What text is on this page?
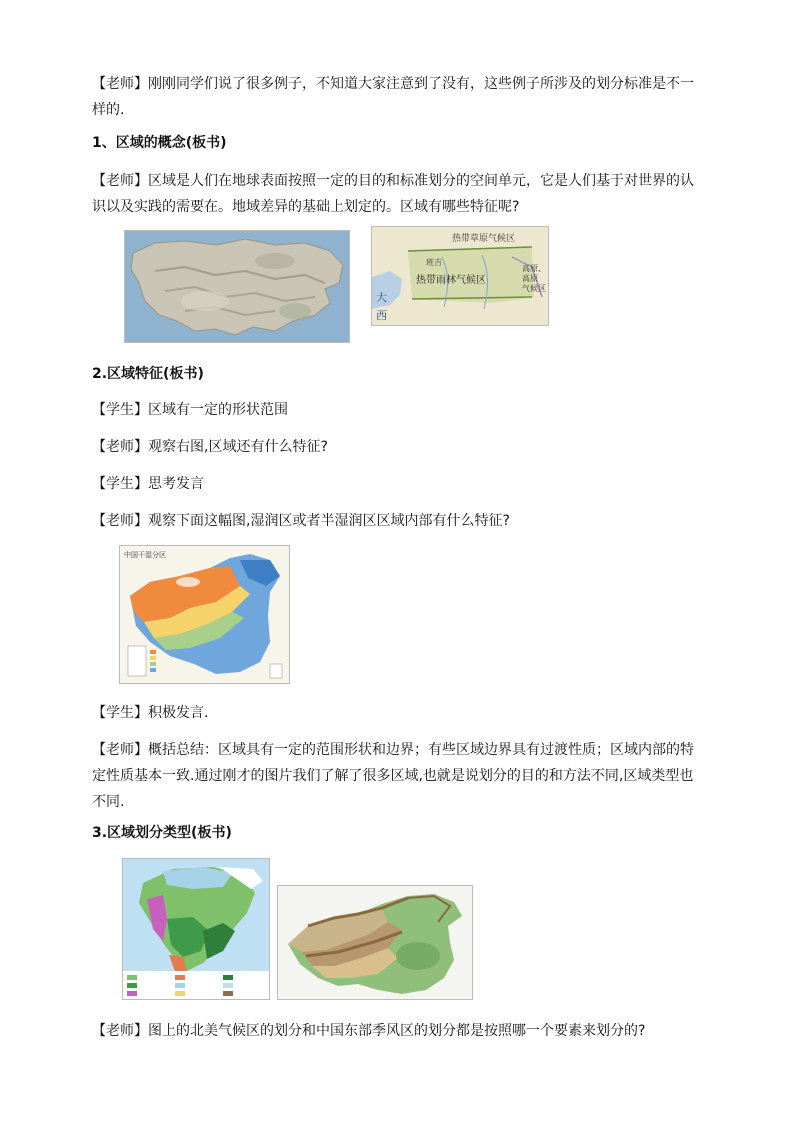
【老师】刚刚同学们说了很多例子，不知道大家注意到了没有，这些例子所涉及的划分标准是不一样的.
1、区域的概念(板书)
【老师】区域是人们在地球表面按照一定的目的和标准划分的空间单元，它是人们基于对世界的认识以及实践的需要在。地域差异的基础上划定的。区域有哪些特征呢?
热带草原气候区
班吉
热带雨林气候区
高原、
高原
气候区
大
西
2.区域特征(板书)
【学生】区域有一定的形状范围
【老师】观察右图,区域还有什么特征?
【学生】思考发言
【老师】观察下面这幅图,湿润区或者半湿润区区域内部有什么特征?
中国干湿分区
【学生】积极发言.
【老师】概括总结：区域具有一定的范围形状和边界；有些区域边界具有过渡性质；区域内部的特定性质基本一致.通过刚才的图片我们了解了很多区域,也就是说划分的目的和方法不同,区域类型也不同.
3.区域划分类型(板书)
【老师】图上的北美气候区的划分和中国东部季风区的划分都是按照哪一个要素来划分的?
